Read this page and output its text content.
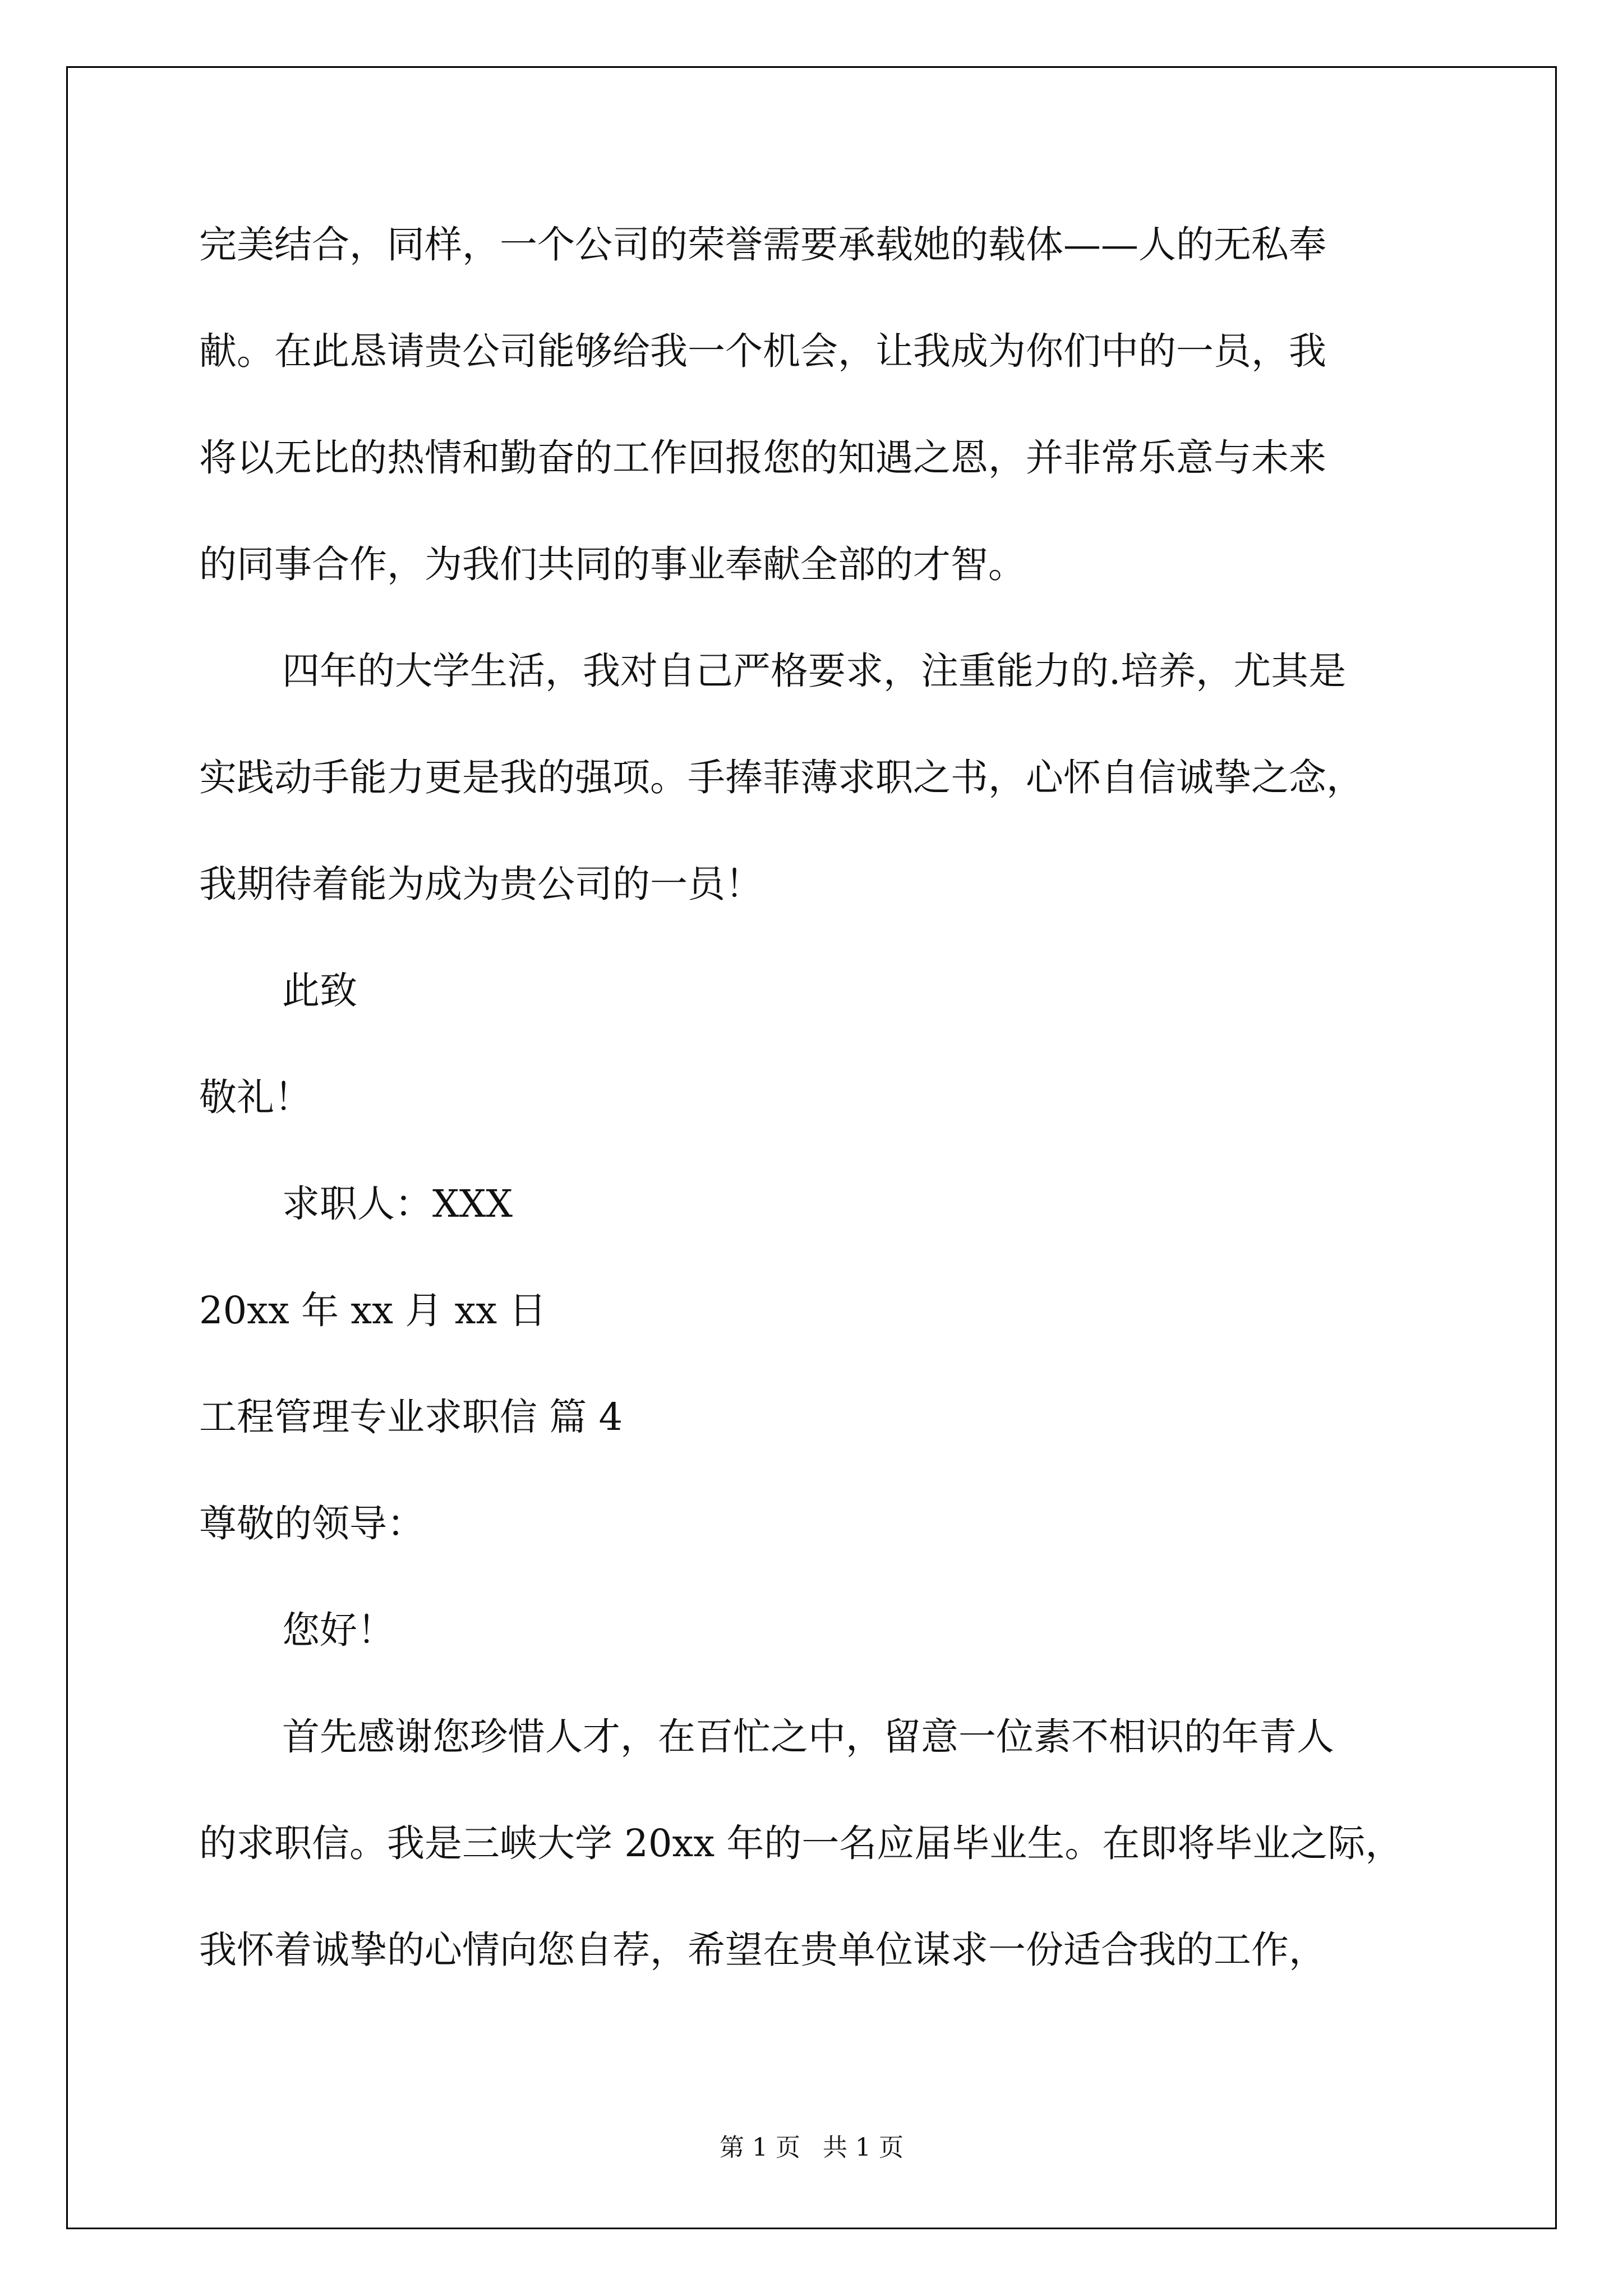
完美结合，同样，一个公司的荣誉需要承载她的载体——人的无私奉
献。在此恳请贵公司能够给我一个机会，让我成为你们中的一员，我
将以无比的热情和勤奋的工作回报您的知遇之恩，并非常乐意与未来
的同事合作，为我们共同的事业奉献全部的才智。
四年的大学生活，我对自己严格要求，注重能力的.培养，尤其是
实践动手能力更是我的强项。手捧菲薄求职之书，心怀自信诚挚之念，
我期待着能为成为贵公司的一员！
此致
敬礼！
求职人：XXX
20xx 年 xx 月 xx 日
工程管理专业求职信 篇 4
尊敬的领导：
您好！
首先感谢您珍惜人才，在百忙之中，留意一位素不相识的年青人
的求职信。我是三峡大学 20xx 年的一名应届毕业生。在即将毕业之际，
我怀着诚挚的心情向您自荐，希望在贵单位谋求一份适合我的工作，
第 1 页 共 1 页
